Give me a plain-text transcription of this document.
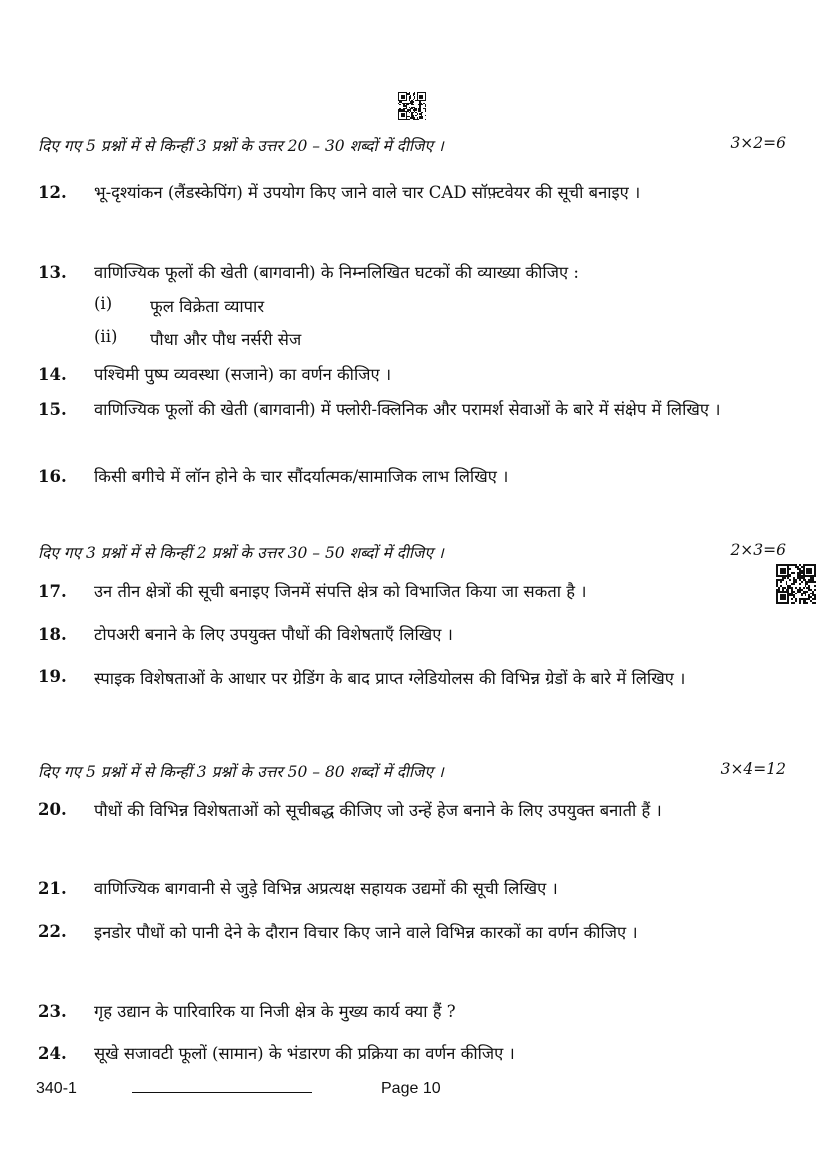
दिए गए 5 प्रश्नों में से किन्हीं 3 प्रश्नों के उत्तर 20 – 30 शब्दों में दीजिए ।	3×2=6
12. भू-दृश्यांकन (लैंडस्केपिंग) में उपयोग किए जाने वाले चार CAD सॉफ़्टवेयर की सूची बनाइए ।
13. वाणिज्यिक फूलों की खेती (बागवानी) के निम्नलिखित घटकों की व्याख्या कीजिए :
(i) फूल विक्रेता व्यापार
(ii) पौधा और पौध नर्सरी सेज
14. पश्चिमी पुष्प व्यवस्था (सजाने) का वर्णन कीजिए ।
15. वाणिज्यिक फूलों की खेती (बागवानी) में फ्लोरी-क्लिनिक और परामर्श सेवाओं के बारे में संक्षेप में लिखिए ।
16. किसी बगीचे में लॉन होने के चार सौंदर्यात्मक/सामाजिक लाभ लिखिए ।
दिए गए 3 प्रश्नों में से किन्हीं 2 प्रश्नों के उत्तर 30 – 50 शब्दों में दीजिए ।	2×3=6
17. उन तीन क्षेत्रों की सूची बनाइए जिनमें संपत्ति क्षेत्र को विभाजित किया जा सकता है ।
18. टोपअरी बनाने के लिए उपयुक्त पौधों की विशेषताएँ लिखिए ।
19. स्पाइक विशेषताओं के आधार पर ग्रेडिंग के बाद प्राप्त ग्लेडियोलस की विभिन्न ग्रेडों के बारे में लिखिए ।
दिए गए 5 प्रश्नों में से किन्हीं 3 प्रश्नों के उत्तर 50 – 80 शब्दों में दीजिए ।	3×4=12
20. पौधों की विभिन्न विशेषताओं को सूचीबद्ध कीजिए जो उन्हें हेज बनाने के लिए उपयुक्त बनाती हैं ।
21. वाणिज्यिक बागवानी से जुड़े विभिन्न अप्रत्यक्ष सहायक उद्यमों की सूची लिखिए ।
22. इनडोर पौधों को पानी देने के दौरान विचार किए जाने वाले विभिन्न कारकों का वर्णन कीजिए ।
23. गृह उद्यान के पारिवारिक या निजी क्षेत्र के मुख्य कार्य क्या हैं ?
24. सूखे सजावटी फूलों (सामान) के भंडारण की प्रक्रिया का वर्णन कीजिए ।
340-1	Page 10
